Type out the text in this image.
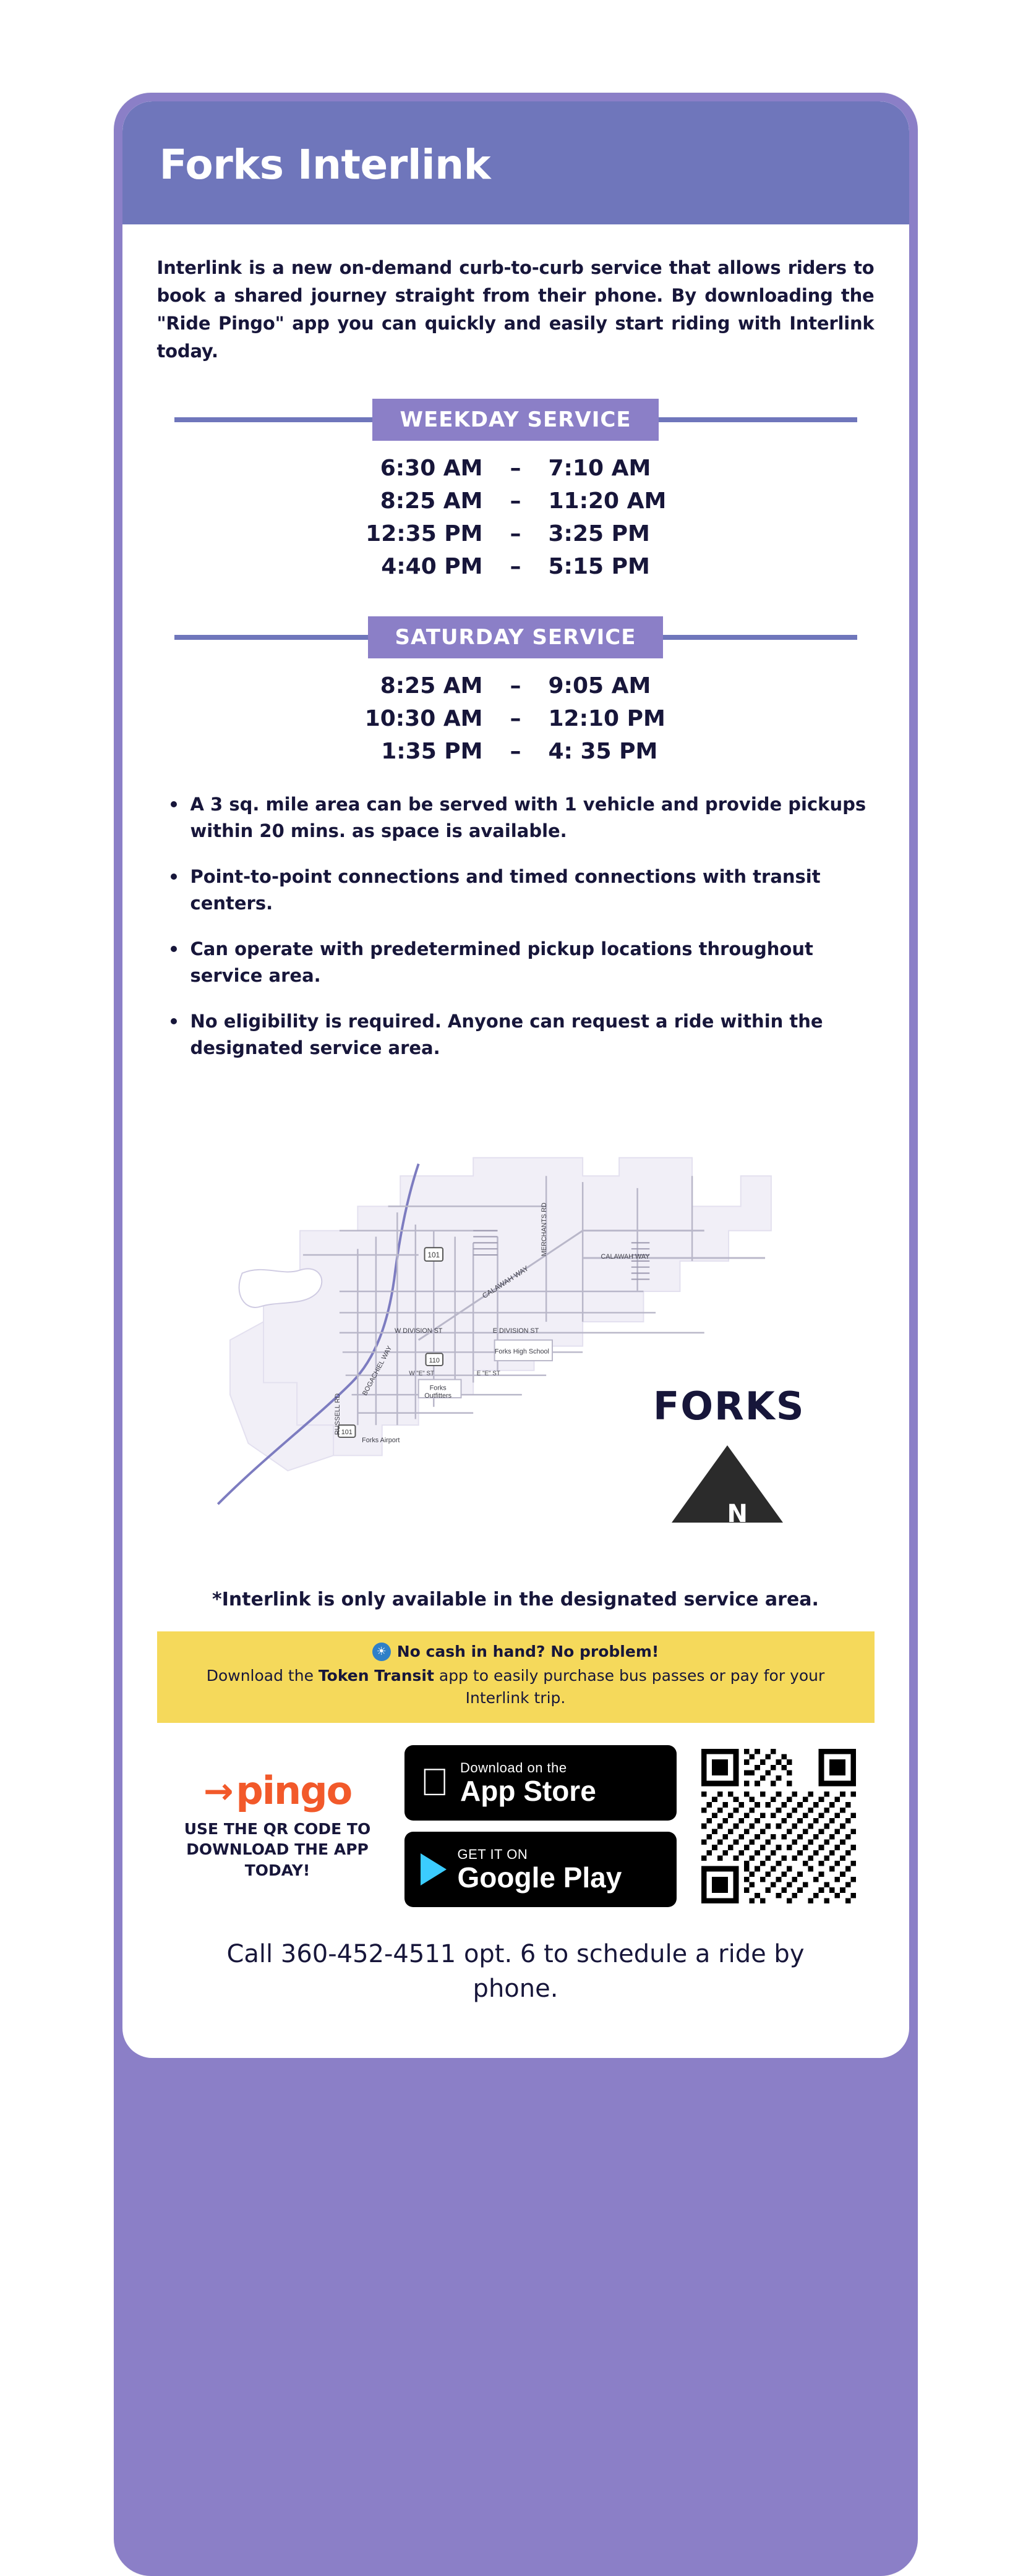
Forks Interlink

Interlink is a new on-demand curb-to-curb service that allows riders to book a shared journey straight from their phone. By downloading the "Ride Pingo" app you can quickly and easily start riding with Interlink today.

WEEKDAY SERVICE
6:30 AM	–	7:10 AM
8:25 AM	–	11:20 AM
12:35 PM	–	3:25 PM
4:40 PM	–	5:15 PM
SATURDAY SERVICE
8:25 AM	–	9:05 AM
10:30 AM	–	12:10 PM
1:35 PM	–	4: 35 PM
A 3 sq. mile area can be served with 1 vehicle and provide pickups within 20 mins. as space is available.
Point-to-point connections and timed connections with transit centers.
Can operate with predetermined pickup locations throughout service area.
No eligibility is required. Anyone can request a ride within the designated service area.
101
110
101
MERCHANTS RD
CALAWAH WAY
CALAWAH WAY
W DIVISION ST	E DIVISION ST
Forks High School
W "E" ST	E "E" ST
Forks
Outfitters
BOGACHIEL WAY
RUSSELL RD
Forks Airport
FORKS
N
*Interlink is only available in the designated service area.
☀ No cash in hand? No problem!
Download the Token Transit app to easily purchase bus passes or pay for your Interlink trip.
→ pingo
USE THE QR CODE TO DOWNLOAD THE APP TODAY!
Download on the
App Store
GET IT ON
Google Play
Call 360-452-4511 opt. 6 to schedule a ride by phone.
